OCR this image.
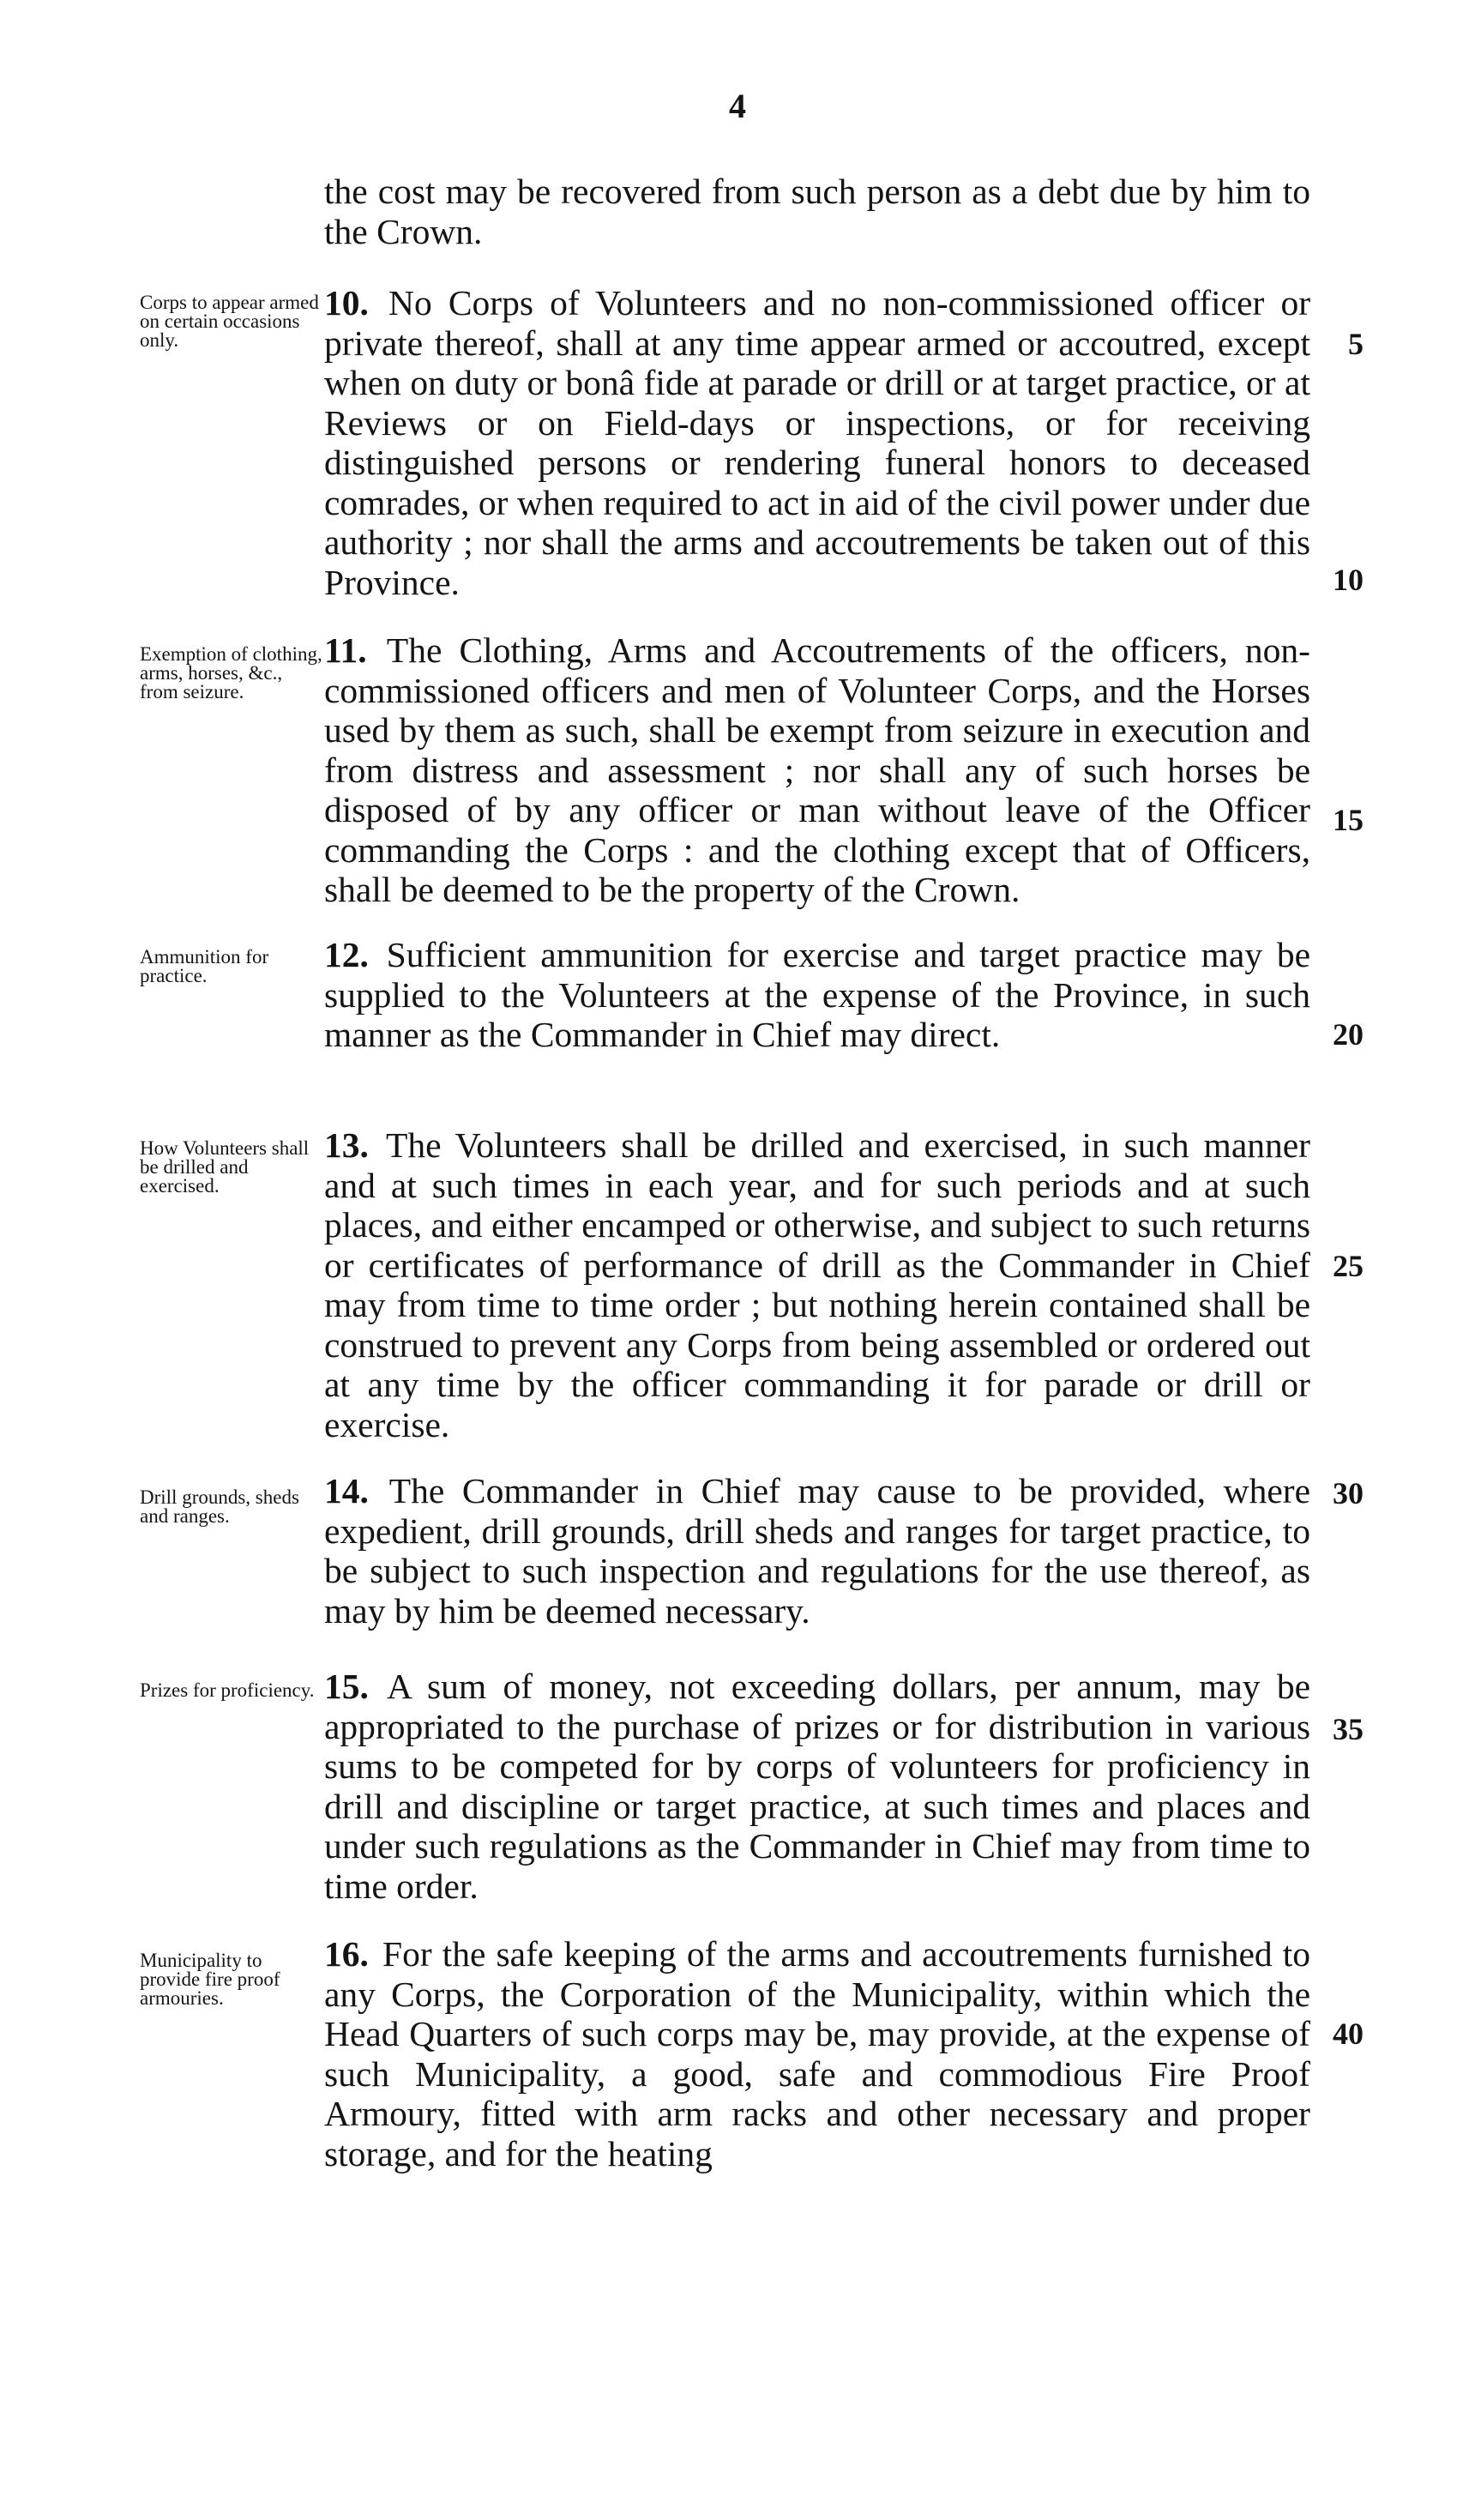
4
the cost may be recovered from such person as a debt due by him to the Crown.
Corps to appear armed on certain occasions only.
10. No Corps of Volunteers and no non-commissioned officer or private thereof, shall at any time appear armed or accoutred, except when on duty or bonâ fide at parade or drill or at target practice, or at Reviews or on Field-days or inspections, or for receiving distinguished persons or rendering funeral honors to deceased comrades, or when required to act in aid of the civil power under due authority ; nor shall the arms and accoutrements be taken out of this Province.
Exemption of clothing, arms, horses, &c., from seizure.
11. The Clothing, Arms and Accoutrements of the officers, non-commissioned officers and men of Volunteer Corps, and the Horses used by them as such, shall be exempt from seizure in execution and from distress and assessment ; nor shall any of such horses be disposed of by any officer or man without leave of the Officer commanding the Corps : and the clothing except that of Officers, shall be deemed to be the property of the Crown.
Ammunition for practice.
12. Sufficient ammunition for exercise and target practice may be supplied to the Volunteers at the expense of the Province, in such manner as the Commander in Chief may direct.
How Volunteers shall be drilled and exercised.
13. The Volunteers shall be drilled and exercised, in such manner and at such times in each year, and for such periods and at such places, and either encamped or otherwise, and subject to such returns or certificates of performance of drill as the Commander in Chief may from time to time order ; but nothing herein contained shall be construed to prevent any Corps from being assembled or ordered out at any time by the officer commanding it for parade or drill or exercise.
Drill grounds, sheds and ranges.
14. The Commander in Chief may cause to be provided, where expedient, drill grounds, drill sheds and ranges for target practice, to be subject to such inspection and regulations for the use thereof, as may by him be deemed necessary.
Prizes for proficiency. 15. A sum of money, not exceeding dollars, per annum, may be appropriated to the purchase of prizes or for distribution in various sums to be competed for by corps of volunteers for proficiency in drill and discipline or target practice, at such times and places and under such regulations as the Commander in Chief may from time to time order.
Municipality to provide fire proof armouries.
16. For the safe keeping of the arms and accoutrements furnished to any Corps, the Corporation of the Municipality, within which the Head Quarters of such corps may be, may provide, at the expense of such Municipality, a good, safe and commodious Fire Proof Armoury, fitted with arm racks and other necessary and proper storage, and for the heating
5
10
15
20
25
30
35
40
